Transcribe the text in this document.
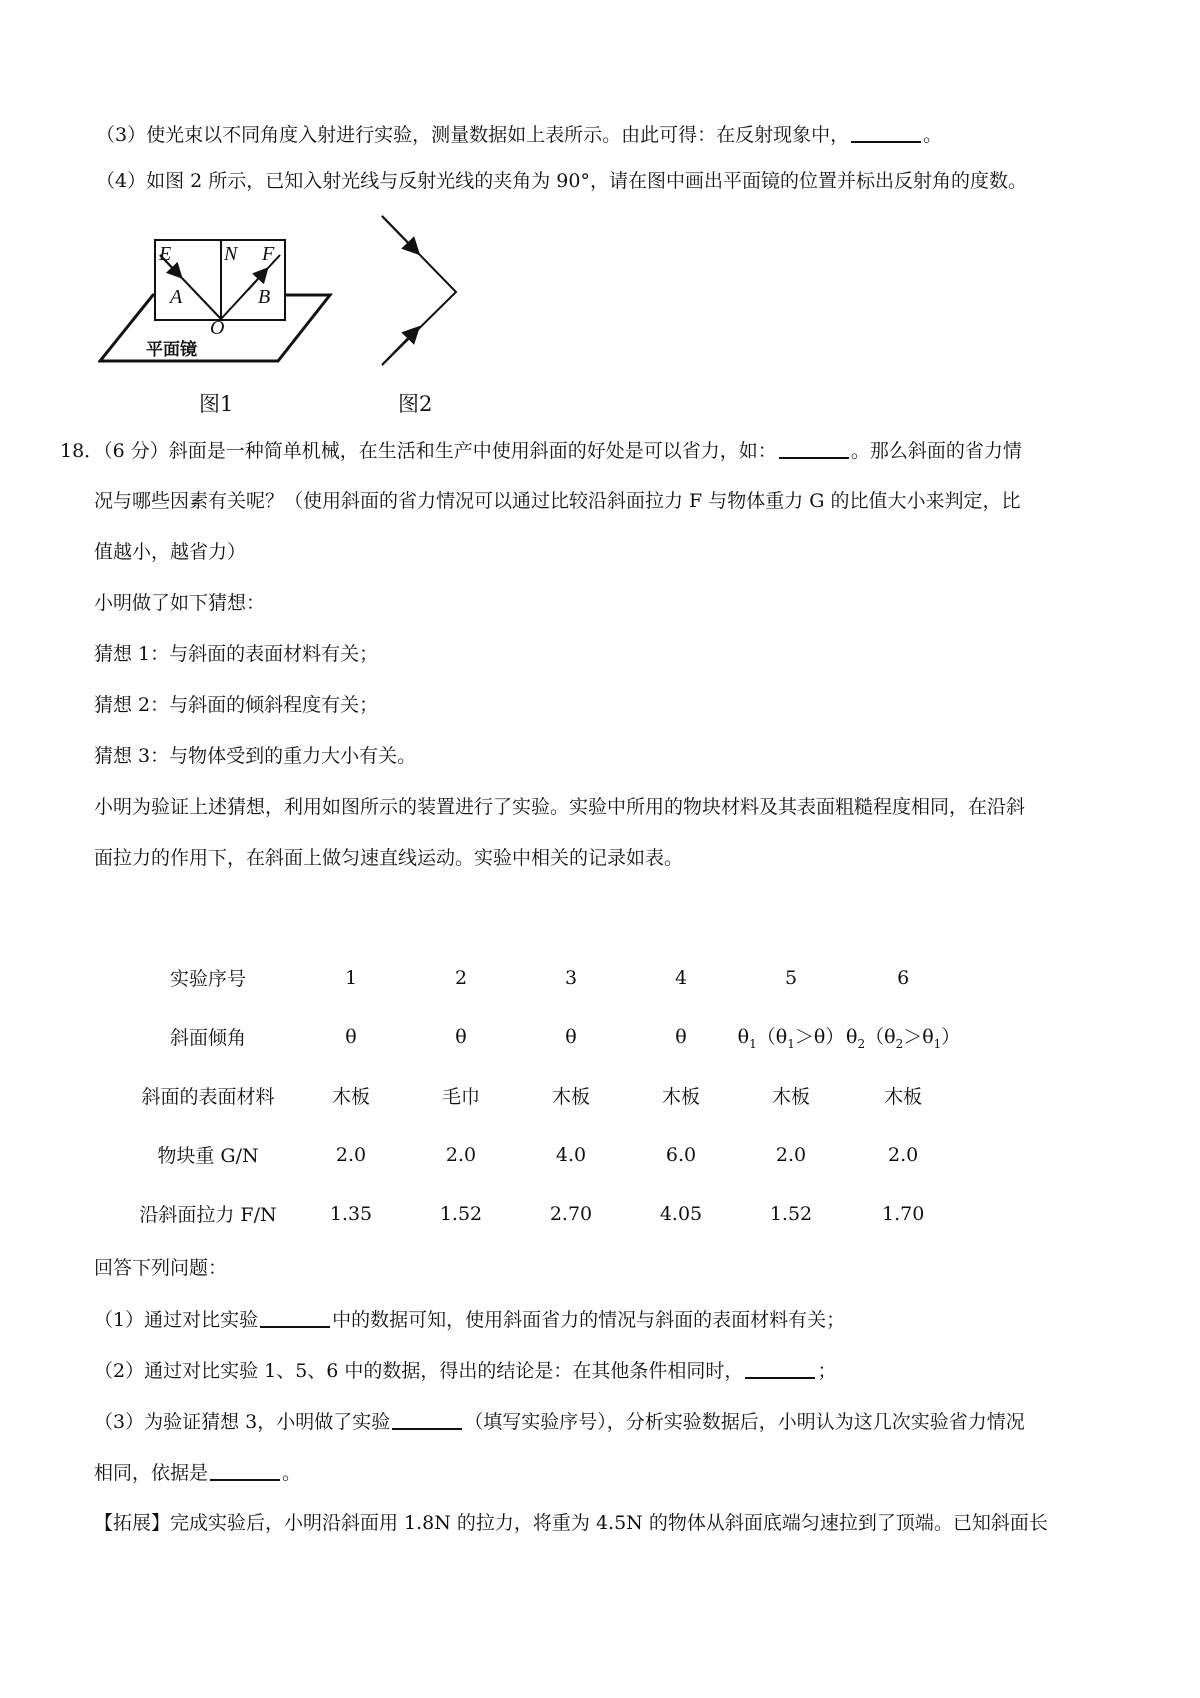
（3）使光束以不同角度入射进行实验，测量数据如上表所示。由此可得：在反射现象中，	。
（4）如图 2 所示，已知入射光线与反射光线的夹角为 90°，请在图中画出平面镜的位置并标出反射角的度数。
E	N F
A	B
O
平面镜
图1	图2
18．（6 分）斜面是一种简单机械，在生活和生产中使用斜面的好处是可以省力，如：	。那么斜面的省力情
况与哪些因素有关呢？（使用斜面的省力情况可以通过比较沿斜面拉力 F 与物体重力 G 的比值大小来判定，比
值越小，越省力）
小明做了如下猜想：
猜想 1：与斜面的表面材料有关；
猜想 2：与斜面的倾斜程度有关；
猜想 3：与物体受到的重力大小有关。
小明为验证上述猜想，利用如图所示的装置进行了实验。实验中所用的物块材料及其表面粗糙程度相同，在沿斜
面拉力的作用下，在斜面上做匀速直线运动。实验中相关的记录如表。
实验序号	1	2	3	4	5	6
斜面倾角	θ	θ	θ	θ	$\theta_1(\theta_1>\theta)$	$\theta_2(\theta_2>\theta_1)$
斜面的表面材料	木板	毛巾	木板	木板	木板	木板
物块重 G/N	2.0	2.0	4.0	6.0	2.0	2.0
沿斜面拉力 F/N	1.35	1.52	2.70	4.05	1.52	1.70
回答下列问题：
（1）通过对比实验	中的数据可知，使用斜面省力的情况与斜面的表面材料有关；
（2）通过对比实验 1、5、6 中的数据，得出的结论是：在其他条件相同时，	；
（3）为验证猜想 3，小明做了实验	（填写实验序号），分析实验数据后，小明认为这几次实验省力情况
相同，依据是	。
【拓展】完成实验后，小明沿斜面用 1.8N 的拉力，将重为 4.5N 的物体从斜面底端匀速拉到了顶端。已知斜面长
